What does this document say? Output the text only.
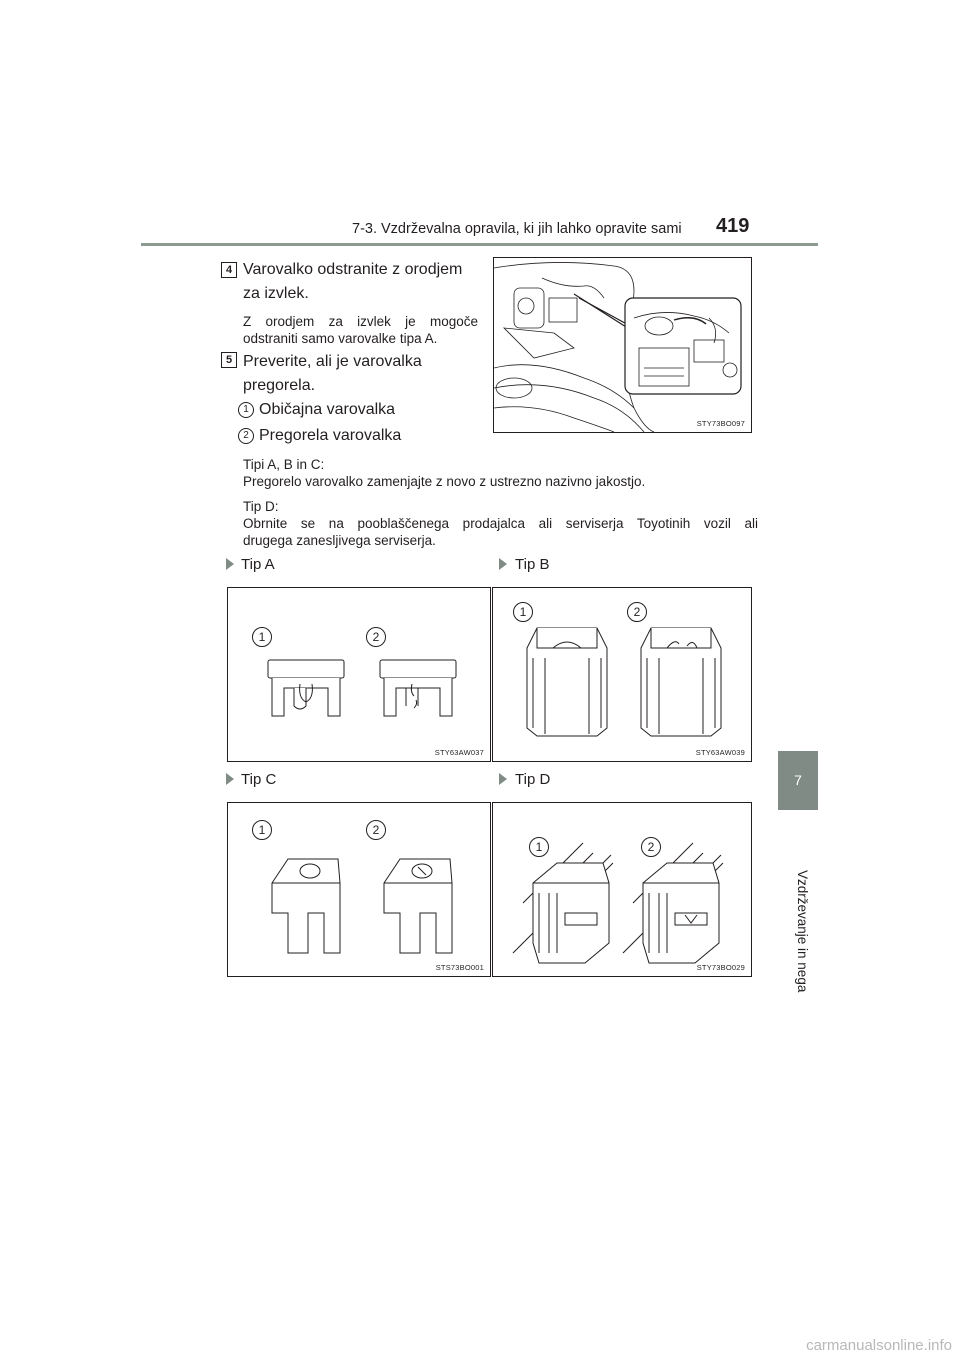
7-3. Vzdrževalna opravila, ki jih lahko opravite sami	419
7
Vzdrževanje in nega
4 Varovalko odstranite z orodjem
za izvlek.
Z orodjem za izvlek je mogoče
odstraniti samo varovalke tipa A.
5 Preverite, ali je varovalka
pregorela.
1 Običajna varovalka
2 Pregorela varovalka
STY73BO097
Tipi A, B in C:
Pregorelo varovalko zamenjajte z novo z ustrezno nazivno jakostjo.
Tip D:
Obrnite se na pooblaščenega prodajalca ali serviserja Toyotinih vozil ali
drugega zanesljivega serviserja.
Tip A
1	2
STY63AW037
Tip B
1	2
STY63AW039
Tip C
1	2
STS73BO001
Tip D
1	2
STY73BO029
carmanualsonline.info
